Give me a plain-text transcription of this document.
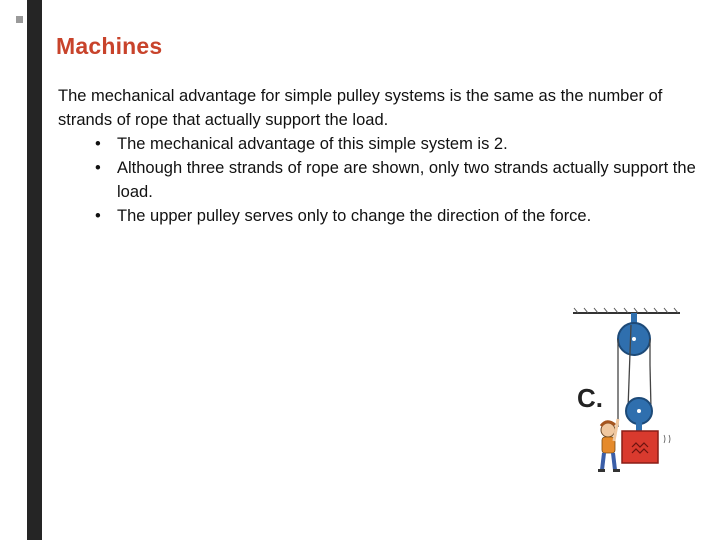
Machines

The mechanical advantage for simple pulley systems is the same as the number of strands of rope that actually support the load.

• The mechanical advantage of this simple system is 2.
• Although three strands of rope are shown, only two strands actually support the load.
• The upper pulley serves only to change the direction of the force.
C.
